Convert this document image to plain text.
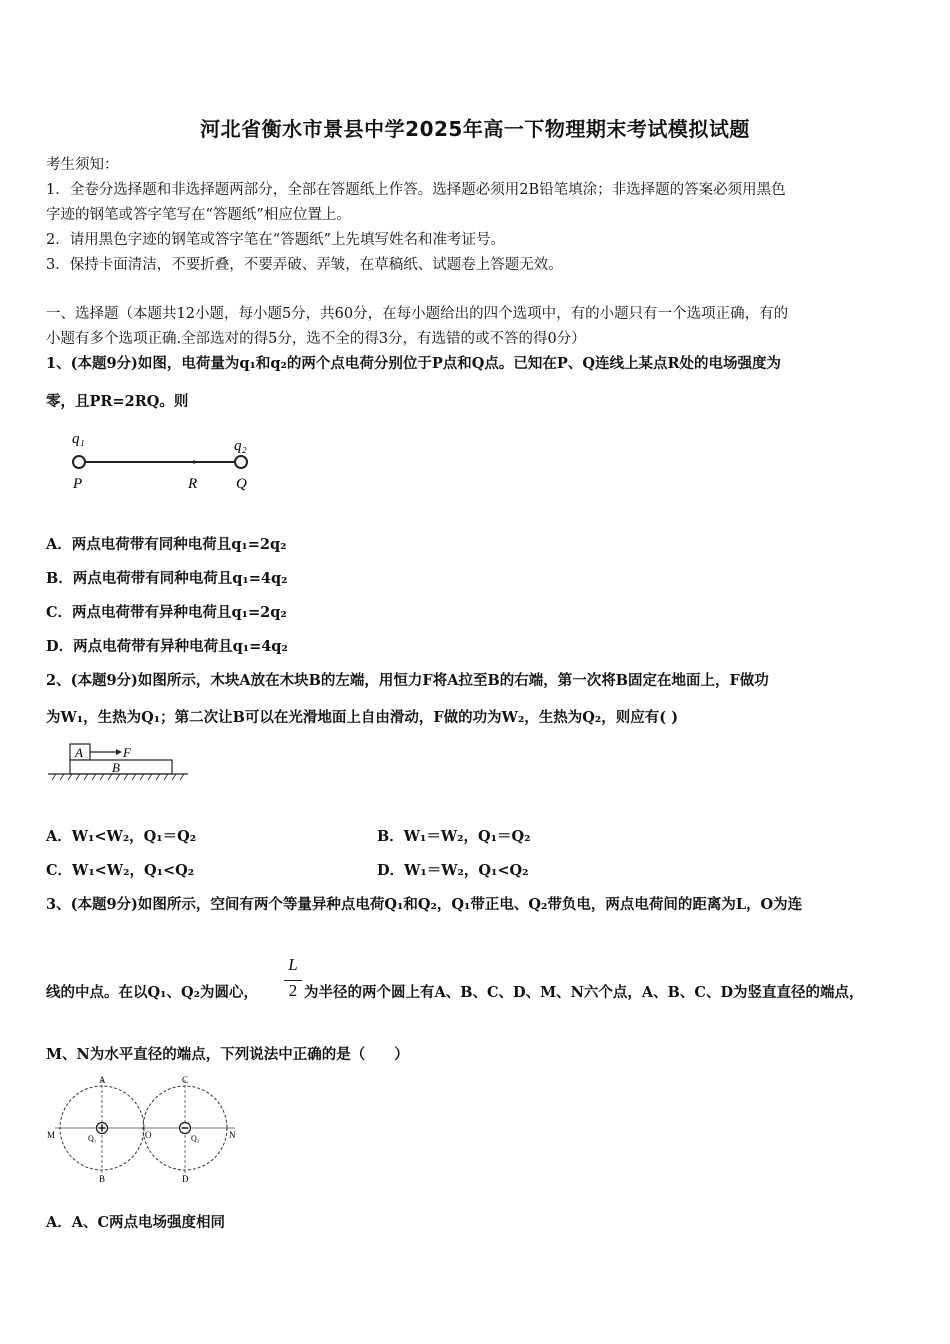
河北省衡水市景县中学2025年高一下物理期末考试模拟试题
考生须知：
1．全卷分选择题和非选择题两部分，全部在答题纸上作答。选择题必须用2B铅笔填涂；非选择题的答案必须用黑色
字迹的钢笔或答字笔写在“答题纸”相应位置上。
2．请用黑色字迹的钢笔或答字笔在“答题纸”上先填写姓名和准考证号。
3．保持卡面清洁，不要折叠，不要弄破、弄皱，在草稿纸、试题卷上答题无效。
一、选择题（本题共12小题，每小题5分，共60分，在每小题给出的四个选项中，有的小题只有一个选项正确，有的
小题有多个选项正确.全部选对的得5分，选不全的得3分，有选错的或不答的得0分）
1、(本题9分)如图，电荷量为q₁和q₂的两个点电荷分别位于P点和Q点。已知在P、Q连线上某点R处的电场强度为
零，且PR=2RQ。则
q₁	q₂
P	R	Q
A．两点电荷带有同种电荷且q₁=2q₂
B．两点电荷带有同种电荷且q₁=4q₂
C．两点电荷带有异种电荷且q₁=2q₂
D．两点电荷带有异种电荷且q₁=4q₂
2、(本题9分)如图所示，木块A放在木块B的左端，用恒力F将A拉至B的右端，第一次将B固定在地面上，F做功
为W₁，生热为Q₁；第二次让B可以在光滑地面上自由滑动，F做的功为W₂，生热为Q₂，则应有( )
A	F
B
A．W₁<W₂，Q₁＝Q₂	B．W₁＝W₂，Q₁＝Q₂
C．W₁<W₂，Q₁<Q₂	D．W₁＝W₂，Q₁<Q₂
3、(本题9分)如图所示，空间有两个等量异种点电荷Q₁和Q₂，Q₁带正电、Q₂带负电，两点电荷间的距离为L，O为连
线的中点。在以Q₁、Q₂为圆心，
L
2 为半径的两个圆上有A、B、C、D、M、N六个点，A、B、C、D为竖直直径的端点，
M、N为水平直径的端点，下列说法中正确的是（　　）
A
B
C
D
M	N
O
Q₁	Q₂
A．A、C两点电场强度相同
